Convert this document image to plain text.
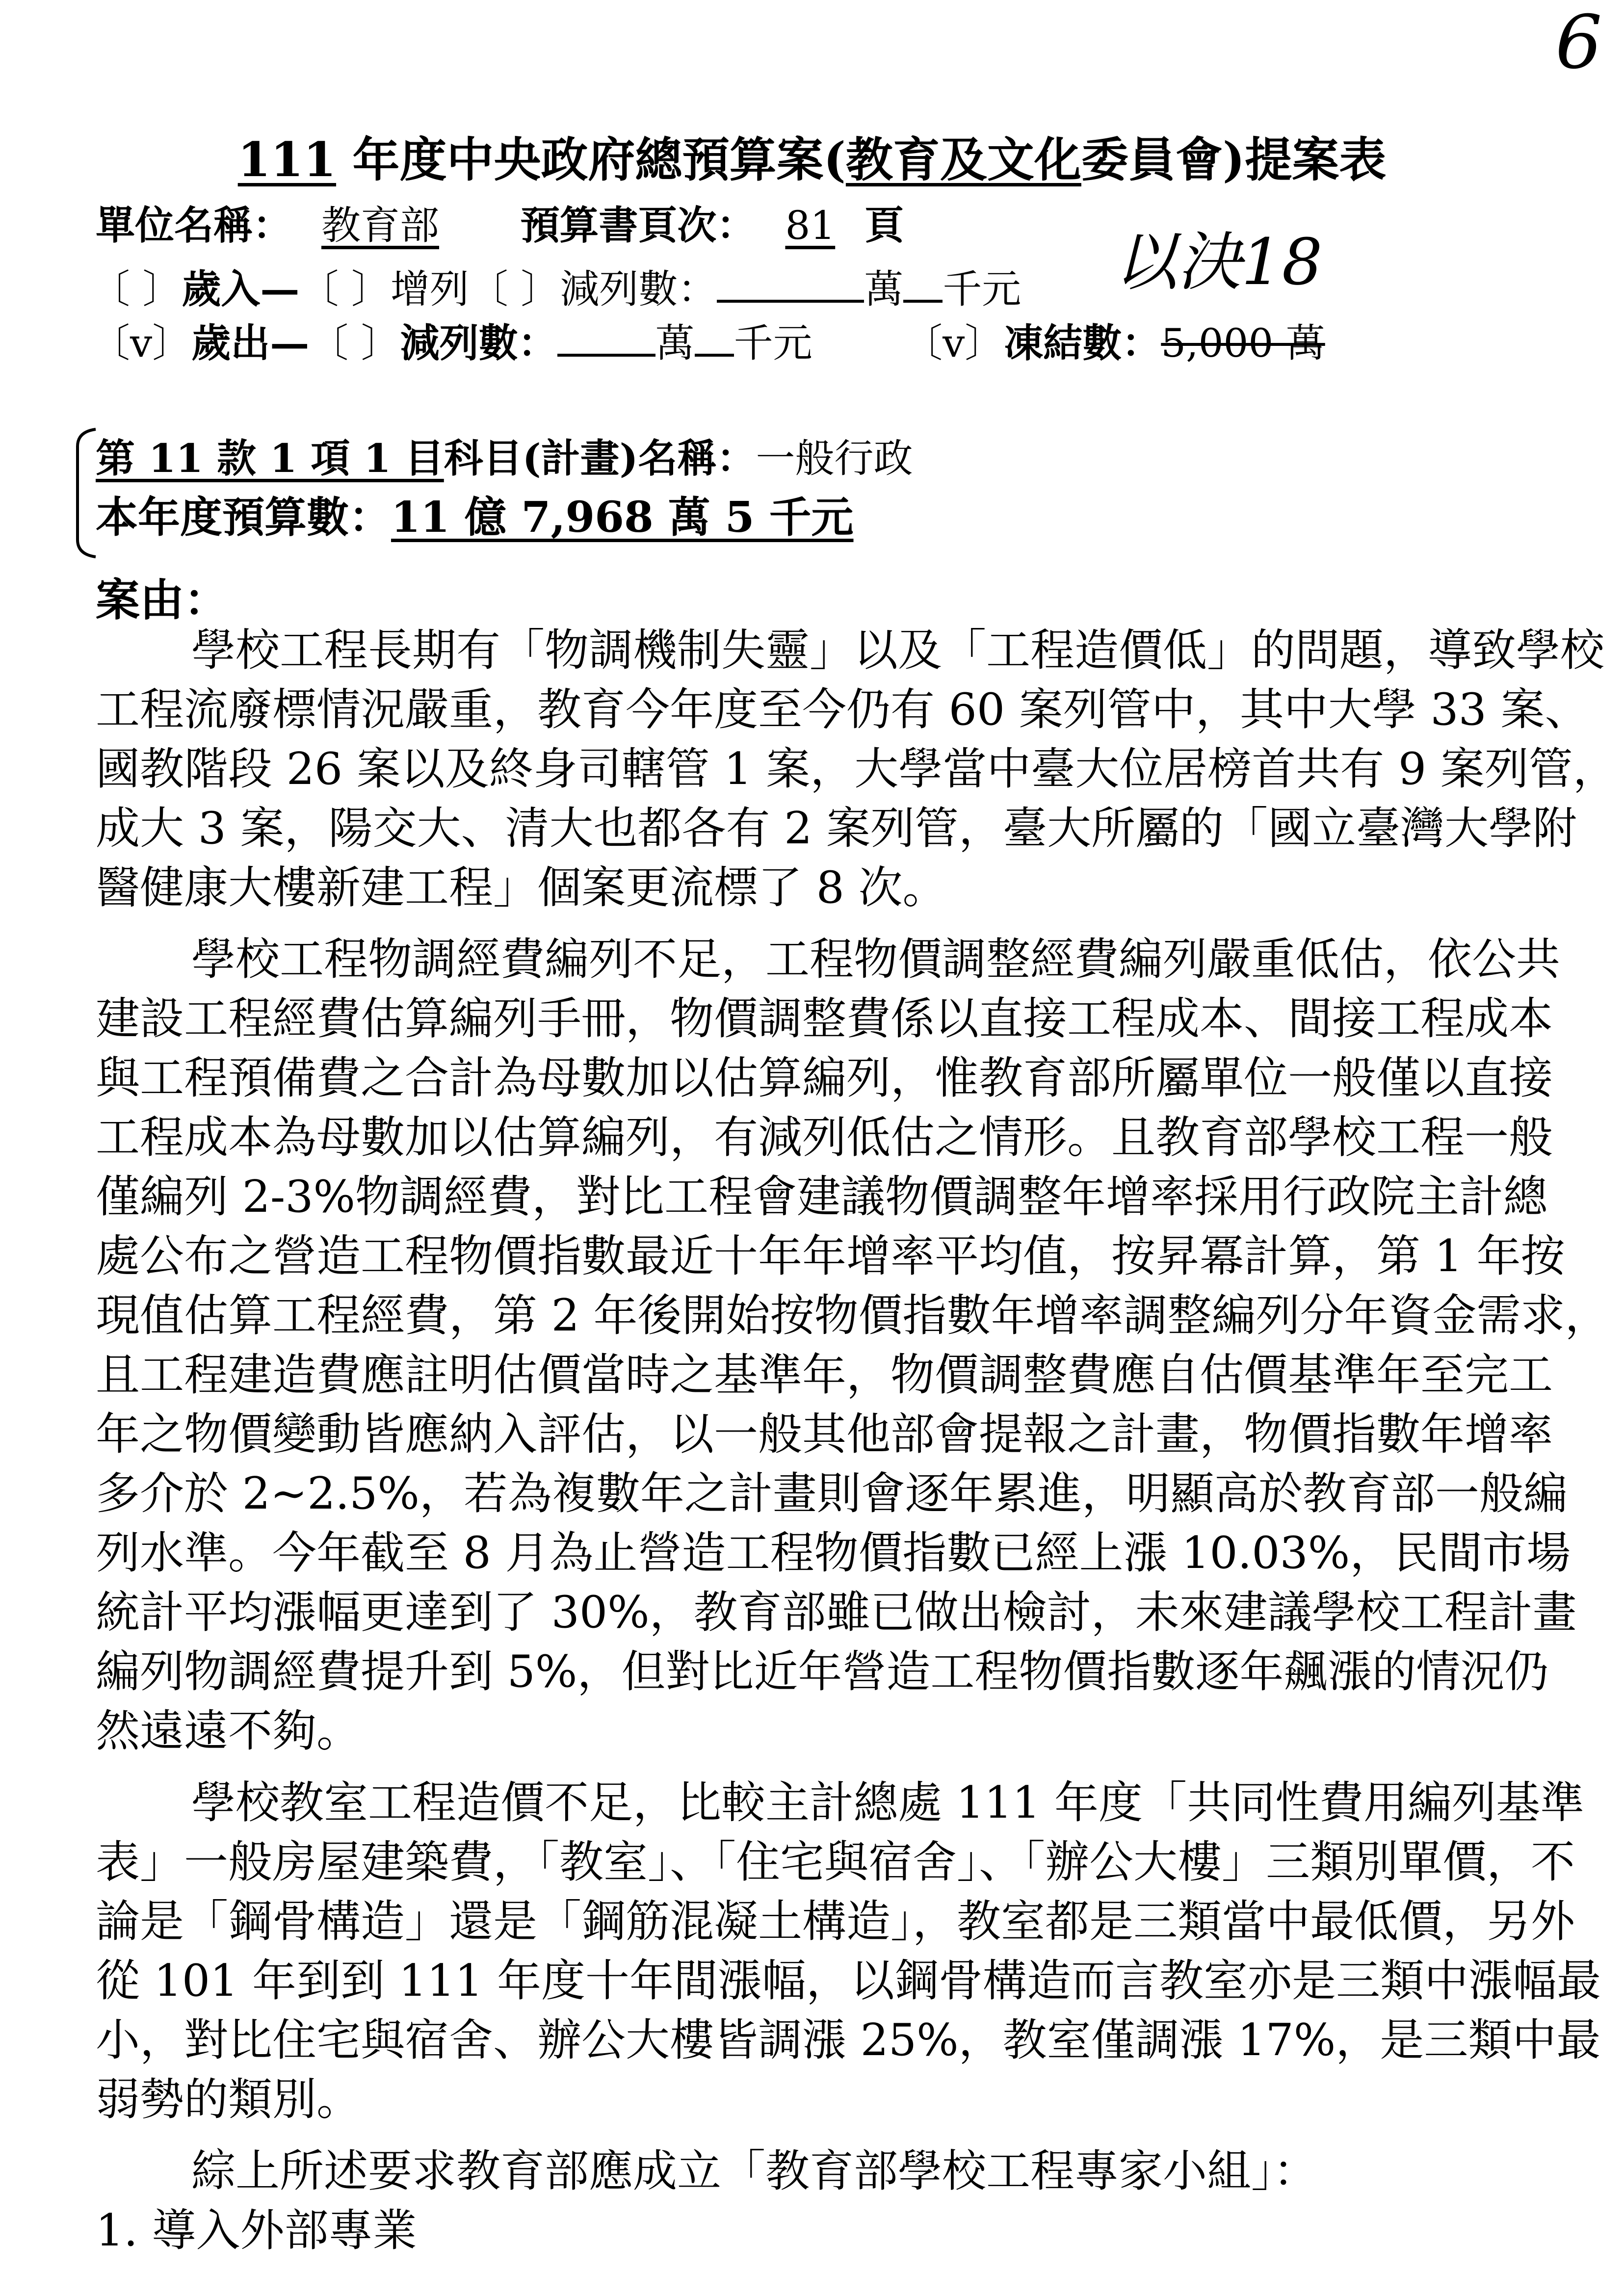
6
111 年度中央政府總預算案(教育及文化委員會)提案表
單位名稱： 教育部 預算書頁次： 81 頁	以決18
〔 〕歲入—〔 〕增列〔 〕減列數：	萬 千元
〔v〕歲出—〔 〕減列數：	萬 千元 〔v〕凍結數：5,000 萬
第 11 款 1 項 1 目科目(計畫)名稱：一般行政
本年度預算數：11 億 7,968 萬 5 千元
案由：
學校工程長期有「物調機制失靈」以及「工程造價低」的問題，導致學校
工程流廢標情況嚴重，教育今年度至今仍有 60 案列管中，其中大學 33 案、
國教階段 26 案以及終身司轄管 1 案，大學當中臺大位居榜首共有 9 案列管，
成大 3 案，陽交大、清大也都各有 2 案列管，臺大所屬的「國立臺灣大學附
醫健康大樓新建工程」個案更流標了 8 次。
學校工程物調經費編列不足，工程物價調整經費編列嚴重低估，依公共
建設工程經費估算編列手冊，物價調整費係以直接工程成本、間接工程成本
與工程預備費之合計為母數加以估算編列，惟教育部所屬單位一般僅以直接
工程成本為母數加以估算編列，有減列低估之情形。且教育部學校工程一般
僅編列 2-3%物調經費，對比工程會建議物價調整年增率採用行政院主計總
處公布之營造工程物價指數最近十年年增率平均值，按昇冪計算，第 1 年按
現值估算工程經費，第 2 年後開始按物價指數年增率調整編列分年資金需求，
且工程建造費應註明估價當時之基準年，物價調整費應自估價基準年至完工
年之物價變動皆應納入評估，以一般其他部會提報之計畫，物價指數年增率
多介於 2~2.5%，若為複數年之計畫則會逐年累進，明顯高於教育部一般編
列水準。今年截至 8 月為止營造工程物價指數已經上漲 10.03%，民間市場
統計平均漲幅更達到了 30%，教育部雖已做出檢討，未來建議學校工程計畫
編列物調經費提升到 5%，但對比近年營造工程物價指數逐年飆漲的情況仍
然遠遠不夠。
學校教室工程造價不足，比較主計總處 111 年度「共同性費用編列基準
表」一般房屋建築費，「教室」、「住宅與宿舍」、「辦公大樓」三類別單價，不
論是「鋼骨構造」還是「鋼筋混凝土構造」，教室都是三類當中最低價，另外
從 101 年到到 111 年度十年間漲幅，以鋼骨構造而言教室亦是三類中漲幅最
小，對比住宅與宿舍、辦公大樓皆調漲 25%，教室僅調漲 17%，是三類中最
弱勢的類別。
綜上所述要求教育部應成立「教育部學校工程專家小組」：
1. 導入外部專業
